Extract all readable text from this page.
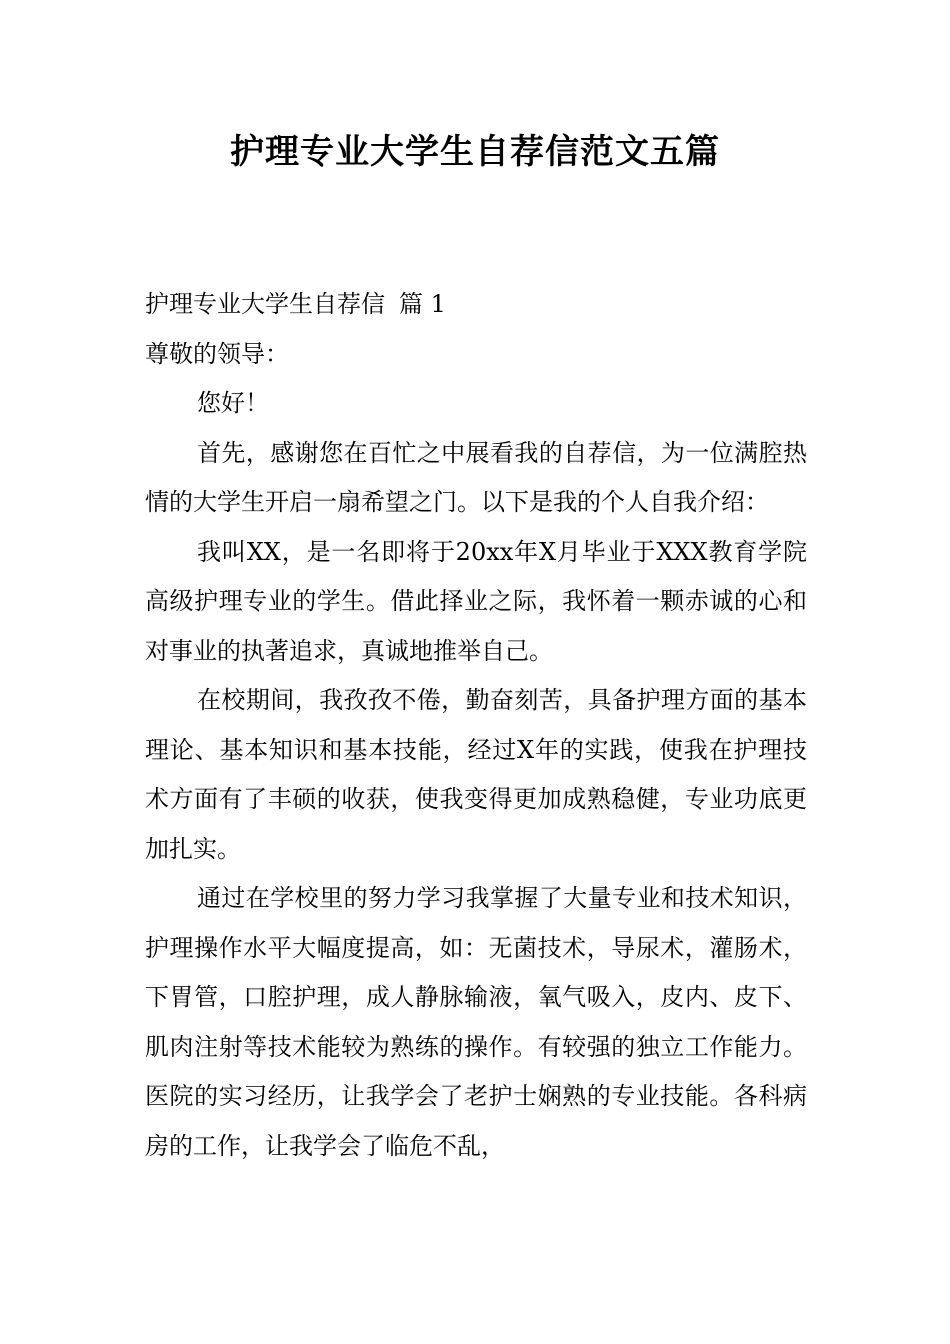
护理专业大学生自荐信范文五篇

护理专业大学生自荐信 篇 1

尊敬的领导：

您好！

首先，感谢您在百忙之中展看我的自荐信，为一位满腔热情的大学生开启一扇希望之门。以下是我的个人自我介绍：

我叫XX，是一名即将于20xx年X月毕业于XXX教育学院高级护理专业的学生。借此择业之际，我怀着一颗赤诚的心和对事业的执著追求，真诚地推举自己。

在校期间，我孜孜不倦，勤奋刻苦，具备护理方面的基本理论、基本知识和基本技能，经过X年的实践，使我在护理技术方面有了丰硕的收获，使我变得更加成熟稳健，专业功底更加扎实。

通过在学校里的努力学习我掌握了大量专业和技术知识，护理操作水平大幅度提高，如：无菌技术，导尿术，灌肠术，下胃管，口腔护理，成人静脉输液，氧气吸入，皮内、皮下、肌肉注射等技术能较为熟练的操作。有较强的独立工作能力。医院的实习经历，让我学会了老护士娴熟的专业技能。各科病房的工作，让我学会了临危不乱，
